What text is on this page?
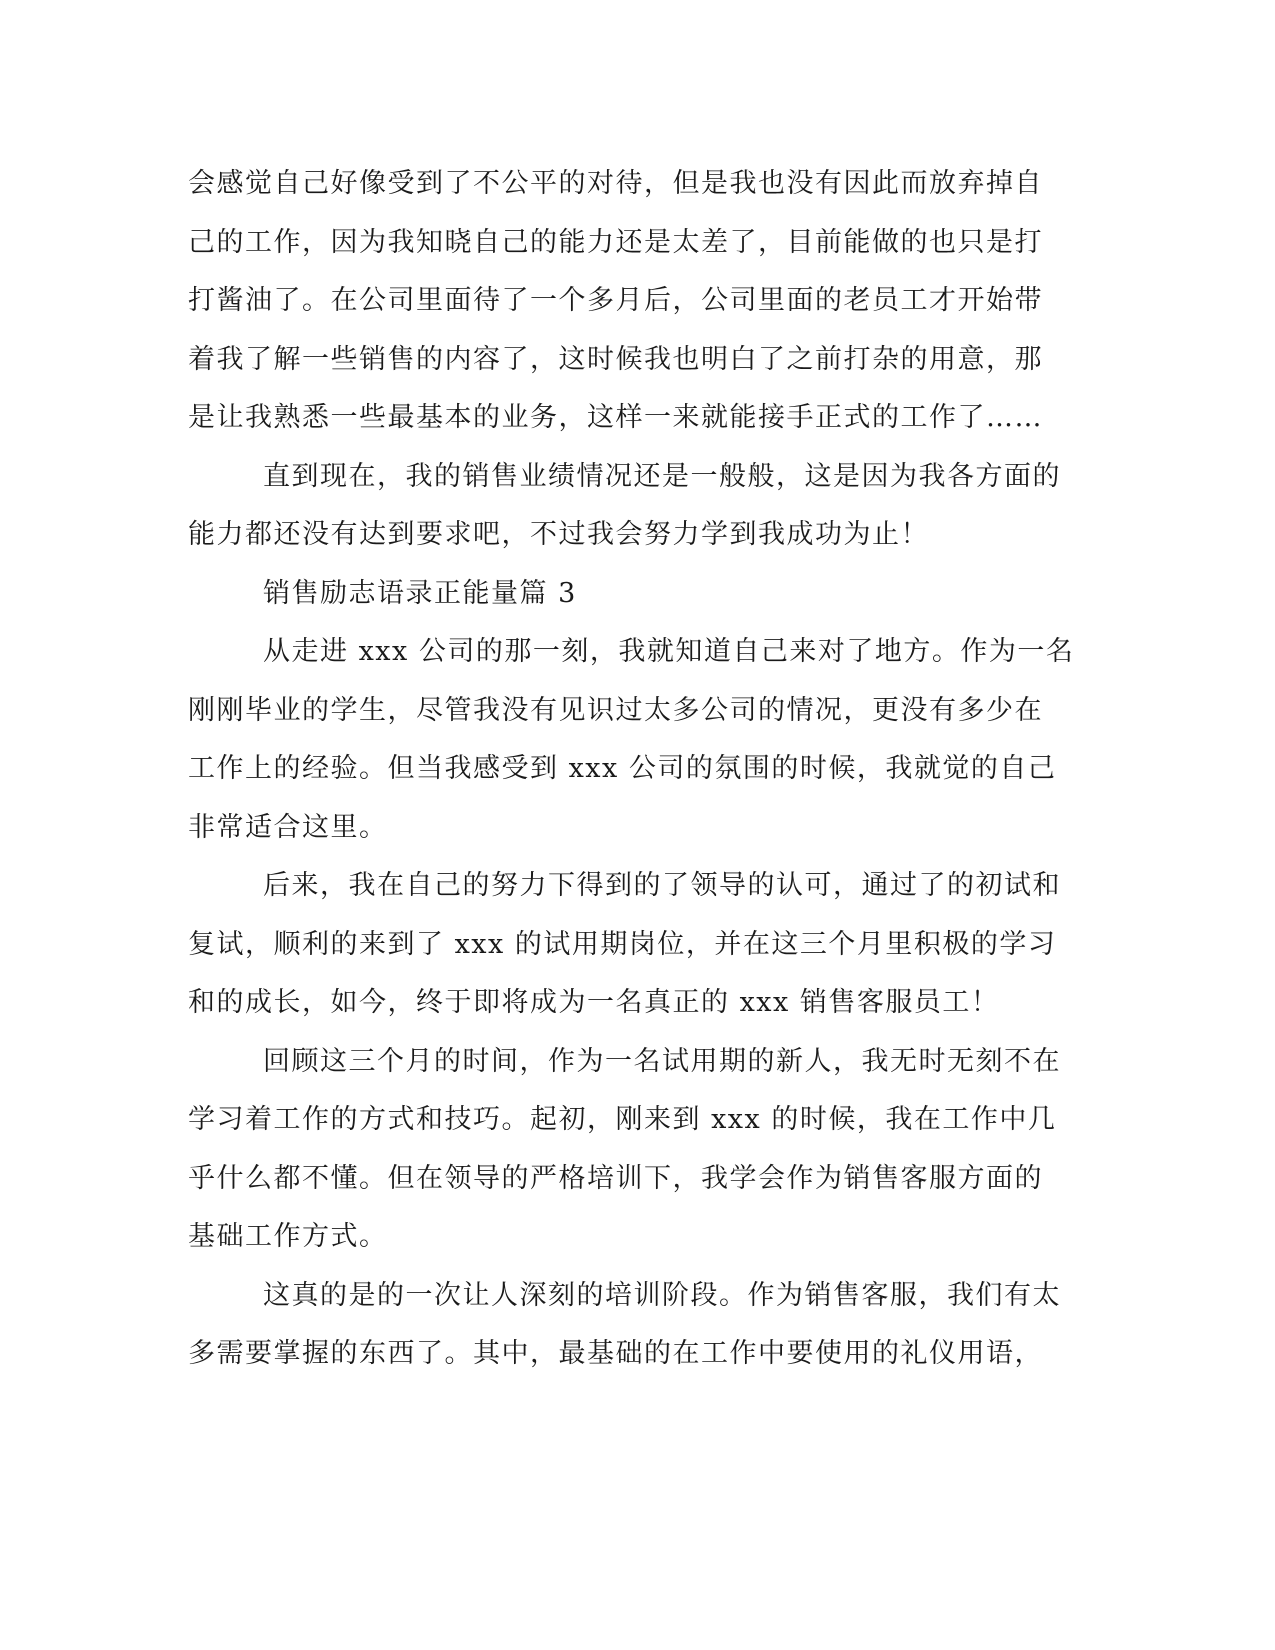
会感觉自己好像受到了不公平的对待，但是我也没有因此而放弃掉自
己的工作，因为我知晓自己的能力还是太差了，目前能做的也只是打
打酱油了。在公司里面待了一个多月后，公司里面的老员工才开始带
着我了解一些销售的内容了，这时候我也明白了之前打杂的用意，那
是让我熟悉一些最基本的业务，这样一来就能接手正式的工作了……
直到现在，我的销售业绩情况还是一般般，这是因为我各方面的
能力都还没有达到要求吧，不过我会努力学到我成功为止！
销售励志语录正能量篇 3
从走进 xxx 公司的那一刻，我就知道自己来对了地方。作为一名
刚刚毕业的学生，尽管我没有见识过太多公司的情况，更没有多少在
工作上的经验。但当我感受到 xxx 公司的氛围的时候，我就觉的自己
非常适合这里。
后来，我在自己的努力下得到的了领导的认可，通过了的初试和
复试，顺利的来到了 xxx 的试用期岗位，并在这三个月里积极的学习
和的成长，如今，终于即将成为一名真正的 xxx 销售客服员工！
回顾这三个月的时间，作为一名试用期的新人，我无时无刻不在
学习着工作的方式和技巧。起初，刚来到 xxx 的时候，我在工作中几
乎什么都不懂。但在领导的严格培训下，我学会作为销售客服方面的
基础工作方式。
这真的是的一次让人深刻的培训阶段。作为销售客服，我们有太
多需要掌握的东西了。其中，最基础的在工作中要使用的礼仪用语，
